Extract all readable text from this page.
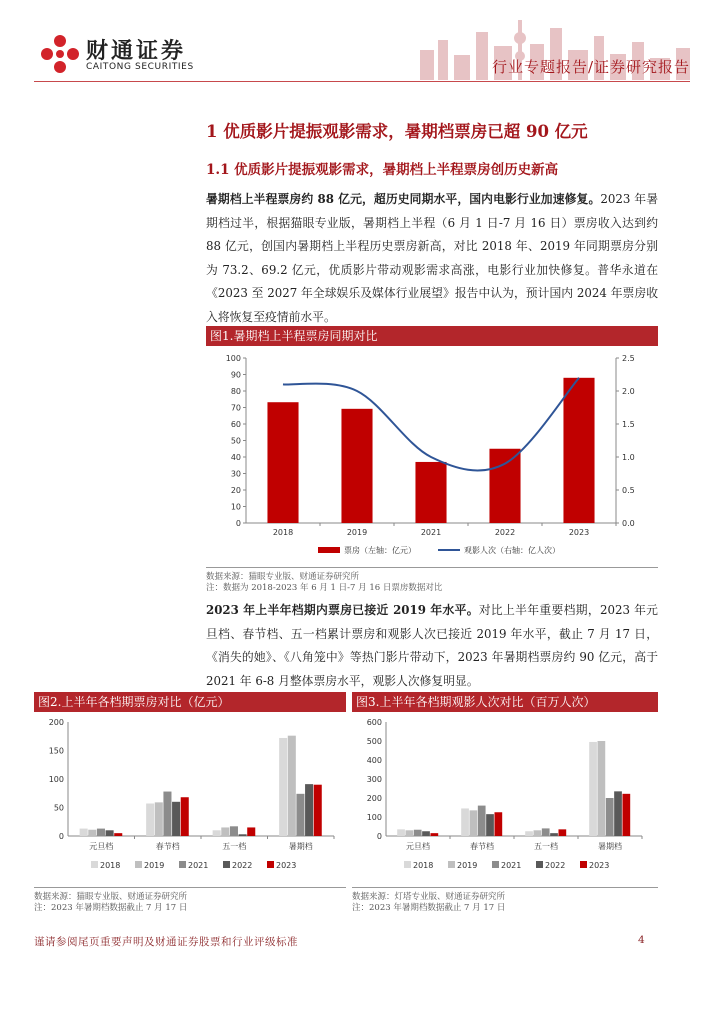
财通证券
CAITONG SECURITIES	行业专题报告/证券研究报告
1 优质影片提振观影需求，暑期档票房已超 90 亿元
1.1 优质影片提振观影需求，暑期档上半程票房创历史新高
暑期档上半程票房约 88 亿元，超历史同期水平，国内电影行业加速修复。2023 年暑期档过半，根据猫眼专业版，暑期档上半程（6 月 1 日-7 月 16 日）票房收入达到约 88 亿元，创国内暑期档上半程历史票房新高，对比 2018 年、2019 年同期票房分别为 73.2、69.2 亿元，优质影片带动观影需求高涨，电影行业加快修复。普华永道在《2023 至 2027 年全球娱乐及媒体行业展望》报告中认为，预计国内 2024 年票房收入将恢复至疫情前水平。
图1.暑期档上半程票房同期对比
0
10
20
30
40
50
60
70
80
90
100
0.0
0.5
1.0
1.5
2.0
2.5
2018	2019	2021	2022	2023
票房（左轴：亿元）	观影人次（右轴：亿人次）
数据来源：猫眼专业版、财通证券研究所
注：数据为 2018-2023 年 6 月 1 日-7 月 16 日票房数据对比
2023 年上半年档期内票房已接近 2019 年水平。对比上半年重要档期，2023 年元旦档、春节档、五一档累计票房和观影人次已接近 2019 年水平，截止 7 月 17 日，《消失的她》、《八角笼中》等热门影片带动下，2023 年暑期档票房约 90 亿元，高于 2021 年 6-8 月整体票房水平，观影人次修复明显。
图2.上半年各档期票房对比（亿元）
0
50
100
150
200
元旦档	春节档	五一档	暑期档
2018	2019	2021	2022	2023
数据来源：猫眼专业版、财通证券研究所
注：2023 年暑期档数据截止 7 月 17 日
图3.上半年各档期观影人次对比（百万人次）
0
100
200
300
400
500
600
元旦档	春节档	五一档	暑期档
2018	2019	2021	2022	2023
数据来源：灯塔专业版、财通证券研究所
注：2023 年暑期档数据截止 7 月 17 日
谨请参阅尾页重要声明及财通证券股票和行业评级标准	4
